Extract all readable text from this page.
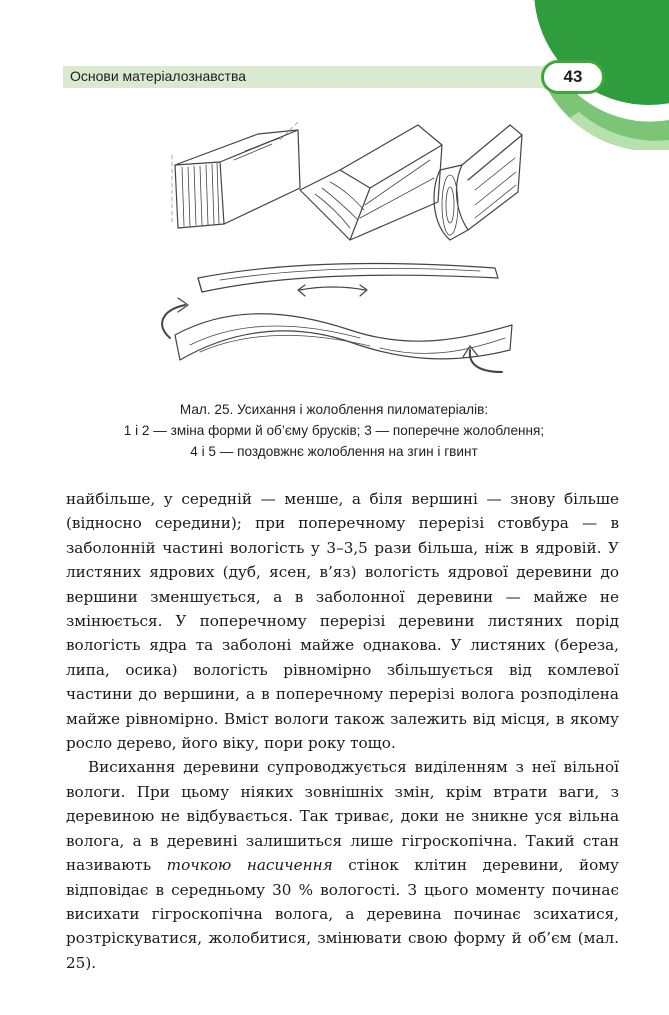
Основи матеріалознавства	43
Мал. 25. Усихання і жолоблення пиломатеріалів:
1 і 2 — зміна форми й об’єму брусків; 3 — поперечне жолоблення;
4 і 5 — поздовжнє жолоблення на згин і гвинт

найбільше, у середній — менше, а біля вершині — знову більше (відносно середини); при поперечному перерізі стовбура — в заболонній частині вологість у 3–3,5 рази більша, ніж в ядровій. У листяних ядрових (дуб, ясен, в’яз) вологість ядрової деревини до вершини зменшується, а в заболонної деревини — майже не змінюється. У поперечному перерізі деревини листяних порід вологість ядра та заболоні майже однакова. У листяних (береза, липа, осика) вологість рівномірно збільшується від комлевої частини до вершини, а в поперечному перерізі волога розподілена майже рівномірно. Вміст вологи також залежить від місця, в якому росло дерево, його віку, пори року тощо.

Висихання деревини супроводжується виділенням з неї вільної вологи. При цьому ніяких зовнішніх змін, крім втрати ваги, з деревиною не відбувається. Так триває, доки не зникне уся вільна волога, а в деревині залишиться лише гігроскопічна. Такий стан називають точкою насичення стінок клітин деревини, йому відповідає в середньому 30 % вологості. З цього моменту починає висихати гігроскопічна волога, а деревина починає зсихатися, розтріскуватися, жолобитися, змінювати свою форму й об’єм (мал. 25).
